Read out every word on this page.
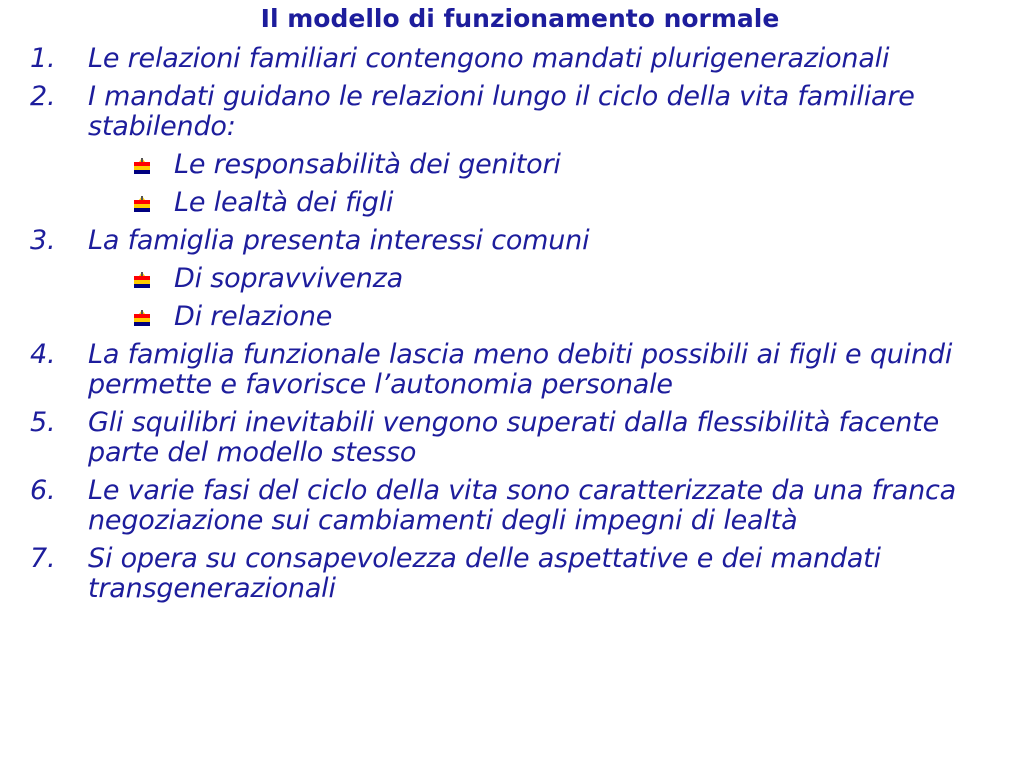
Il modello di funzionamento normale
1. Le relazioni familiari contengono mandati plurigenerazionali
2. I mandati guidano le relazioni lungo il ciclo della vita familiare stabilendo:
Le responsabilità dei genitori
Le lealtà dei figli
3. La famiglia presenta interessi comuni
Di sopravvivenza
Di relazione
4. La famiglia funzionale lascia meno debiti possibili ai figli e quindi permette e favorisce l’autonomia personale
5. Gli squilibri inevitabili vengono superati dalla flessibilità facente parte del modello stesso
6. Le varie fasi del ciclo della vita sono caratterizzate da una franca negoziazione sui cambiamenti degli impegni di lealtà
7. Si opera su consapevolezza delle aspettative e dei mandati transgenerazionali
